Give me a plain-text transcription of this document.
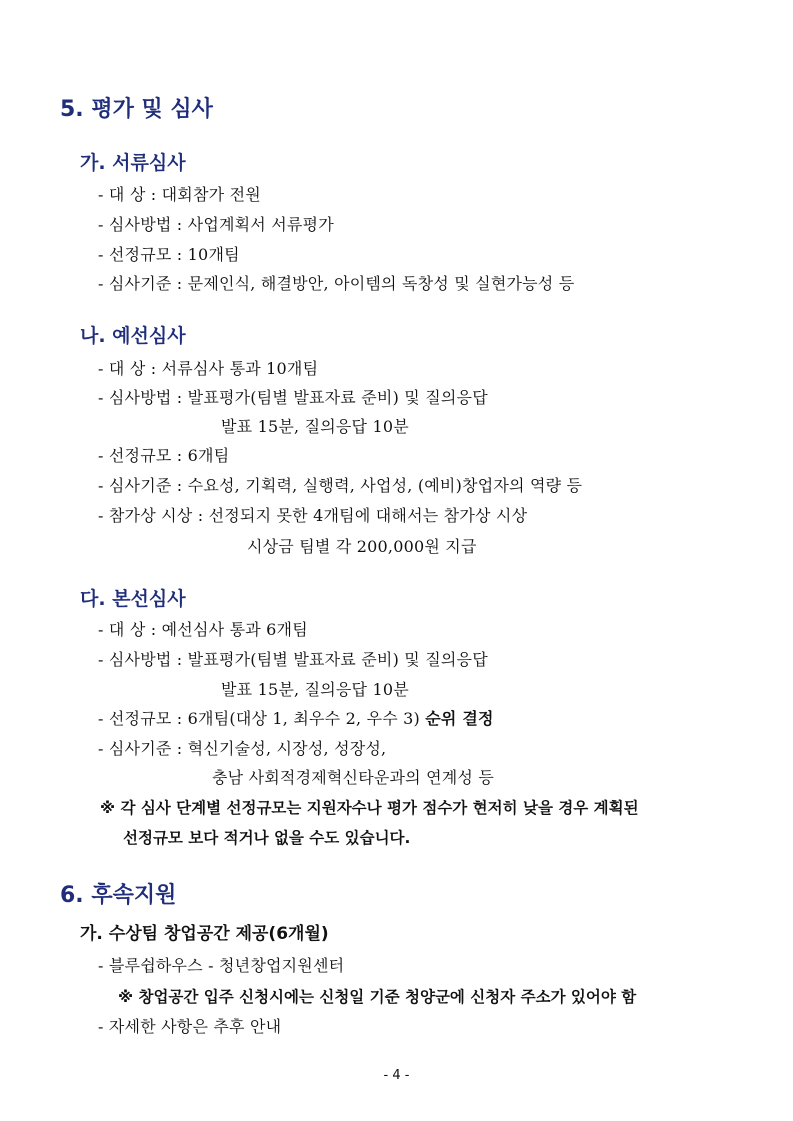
5. 평가 및 심사
가. 서류심사
- 대 상 : 대회참가 전원
- 심사방법 : 사업계획서 서류평가
- 선정규모 : 10개팀
- 심사기준 : 문제인식, 해결방안, 아이템의 독창성 및 실현가능성 등
나. 예선심사
- 대 상 : 서류심사 통과 10개팀
- 심사방법 : 발표평가(팀별 발표자료 준비) 및 질의응답
발표 15분, 질의응답 10분
- 선정규모 : 6개팀
- 심사기준 : 수요성, 기획력, 실행력, 사업성, (예비)창업자의 역량 등
- 참가상 시상 : 선정되지 못한 4개팀에 대해서는 참가상 시상
시상금 팀별 각 200,000원 지급
다. 본선심사
- 대 상 : 예선심사 통과 6개팀
- 심사방법 : 발표평가(팀별 발표자료 준비) 및 질의응답
발표 15분, 질의응답 10분
- 선정규모 : 6개팀(대상 1, 최우수 2, 우수 3) 순위 결정
- 심사기준 : 혁신기술성, 시장성, 성장성,
충남 사회적경제혁신타운과의 연계성 등
※ 각 심사 단계별 선정규모는 지원자수나 평가 점수가 현저히 낮을 경우 계획된
선정규모 보다 적거나 없을 수도 있습니다.
6. 후속지원
가. 수상팀 창업공간 제공(6개월)
- 블루쉽하우스 - 청년창업지원센터
※ 창업공간 입주 신청시에는 신청일 기준 청양군에 신청자 주소가 있어야 함
- 자세한 사항은 추후 안내
- 4 -
